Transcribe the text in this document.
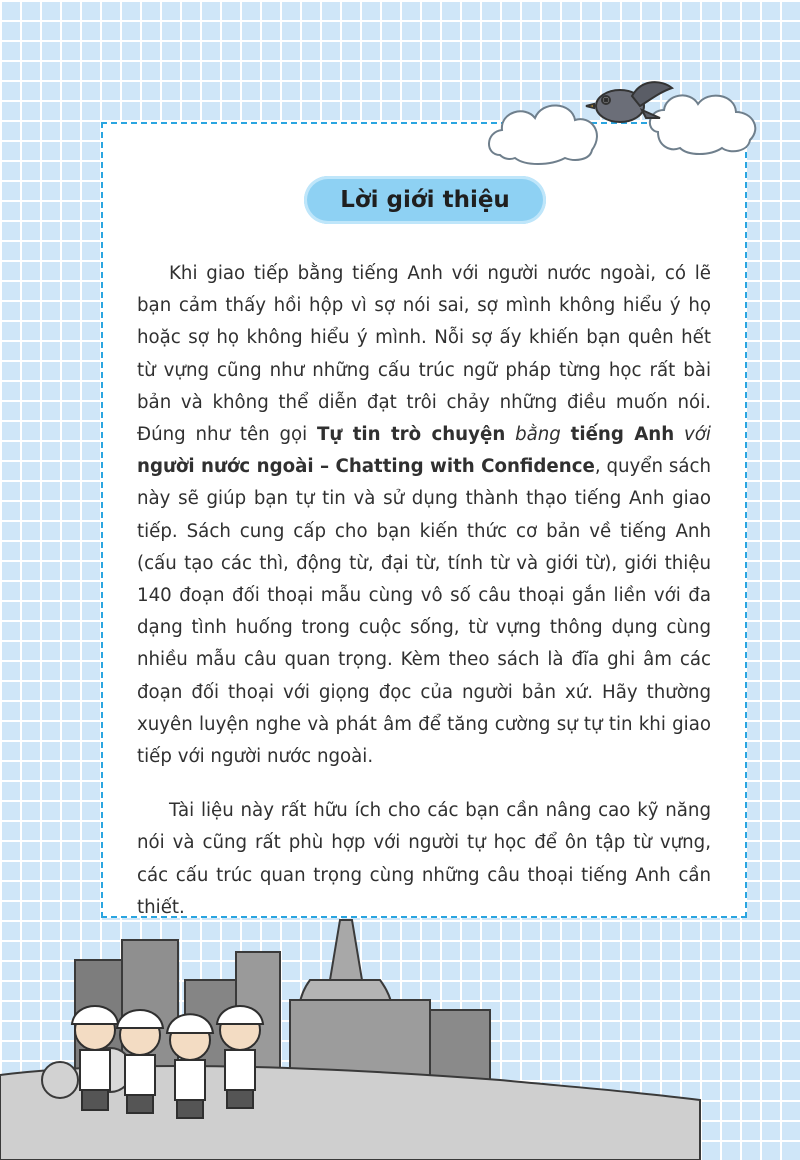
Lời giới thiệu

Khi giao tiếp bằng tiếng Anh với người nước ngoài, có lẽ bạn cảm thấy hồi hộp vì sợ nói sai, sợ mình không hiểu ý họ hoặc sợ họ không hiểu ý mình. Nỗi sợ ấy khiến bạn quên hết từ vựng cũng như những cấu trúc ngữ pháp từng học rất bài bản và không thể diễn đạt trôi chảy những điều muốn nói. Đúng như tên gọi Tự tin trò chuyện bằng tiếng Anh với người nước ngoài – Chatting with Confidence, quyển sách này sẽ giúp bạn tự tin và sử dụng thành thạo tiếng Anh giao tiếp. Sách cung cấp cho bạn kiến thức cơ bản về tiếng Anh (cấu tạo các thì, động từ, đại từ, tính từ và giới từ), giới thiệu 140 đoạn đối thoại mẫu cùng vô số câu thoại gắn liền với đa dạng tình huống trong cuộc sống, từ vựng thông dụng cùng nhiều mẫu câu quan trọng. Kèm theo sách là đĩa ghi âm các đoạn đối thoại với giọng đọc của người bản xứ. Hãy thường xuyên luyện nghe và phát âm để tăng cường sự tự tin khi giao tiếp với người nước ngoài.

Tài liệu này rất hữu ích cho các bạn cần nâng cao kỹ năng nói và cũng rất phù hợp với người tự học để ôn tập từ vựng, các cấu trúc quan trọng cùng những câu thoại tiếng Anh cần thiết.
